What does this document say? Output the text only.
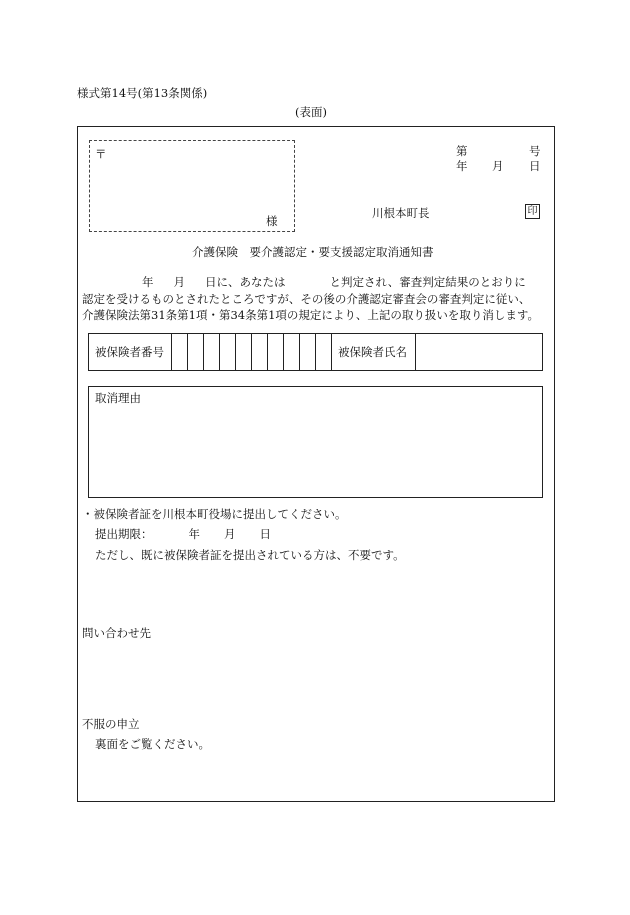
様式第14号(第13条関係)
(表面)
〒
様
第	号
年 月 日
川根本町長	印
介護保険　要介護認定・要支援認定取消通知書
年 月 日に、あなたは	と判定され、審査判定結果のとおりに
認定を受けるものとされたところですが、その後の介護認定審査会の審査判定に従い、
介護保険法第31条第1項・第34条第1項の規定により、上記の取り扱いを取り消します。
被保険者番号	被保険者氏名
取消理由
・被保険者証を川根本町役場に提出してください。
提出期限：	年 月 日
ただし、既に被保険者証を提出されている方は、不要です。
問い合わせ先
不服の申立
裏面をご覧ください。
